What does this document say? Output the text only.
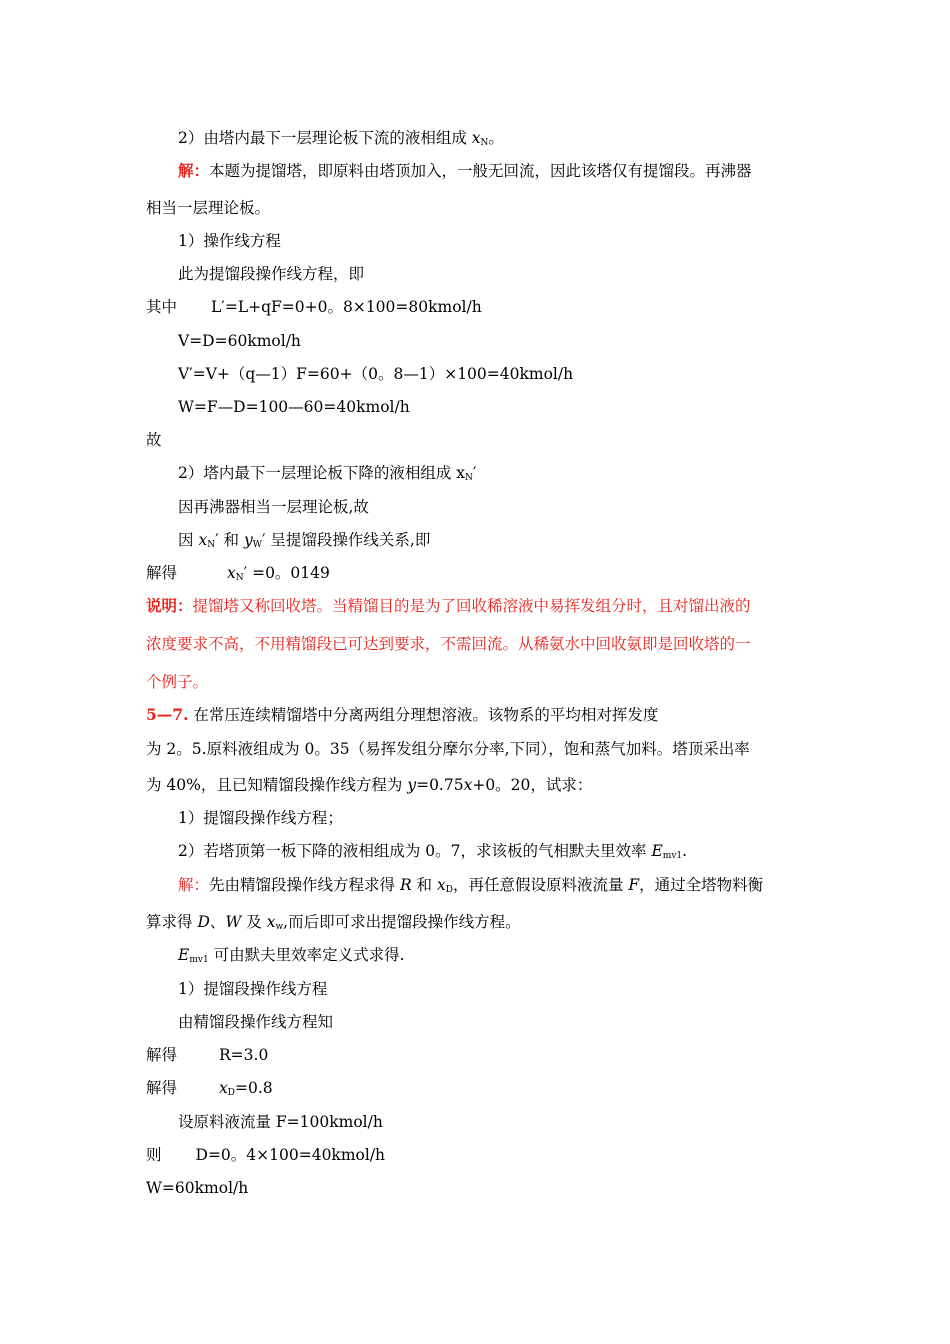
2）由塔内最下一层理论板下流的液相组成 $x_N$。
解：本题为提馏塔，即原料由塔顶加入，一般无回流，因此该塔仅有提馏段。再沸器
相当一层理论板。
1）操作线方程
此为提馏段操作线方程，即
其中 L′=L+qF=0+0。8×100=80kmol/h
V=D=60kmol/h
V′=V+（q—1）F=60+（0。8—1）×100=40kmol/h
W=F—D=100—60=40kmol/h
故
2）塔内最下一层理论板下降的液相组成 $x_N'$
因再沸器相当一层理论板,故
因 $x_N'$ 和 $y_W'$ 呈提馏段操作线关系,即
解得	$x_N' =0$。0149
说明：提馏塔又称回收塔。当精馏目的是为了回收稀溶液中易挥发组分时，且对馏出液的
浓度要求不高，不用精馏段已可达到要求，不需回流。从稀氨水中回收氨即是回收塔的一
个例子。
5—7. 在常压连续精馏塔中分离两组分理想溶液。该物系的平均相对挥发度
为 2。5.原料液组成为 0。35（易挥发组分摩尔分率,下同），饱和蒸气加料。塔顶采出率
为 40%，且已知精馏段操作线方程为 y=0.75x+0。20，试求：
1）提馏段操作线方程；
2）若塔顶第一板下降的液相组成为 0。7，求该板的气相默夫里效率 $E_{mv1}$.
解：先由精馏段操作线方程求得 R 和 $x_D$，再任意假设原料液流量 F，通过全塔物料衡
算求得 D、W 及 $x_w$,而后即可求出提馏段操作线方程。
$E_{mv1}$ 可由默夫里效率定义式求得.
1）提馏段操作线方程
由精馏段操作线方程知
解得	R=3.0
解得	$x_D=0.8$
设原料液流量 F=100kmol/h
则 D=0。4×100=40kmol/h
W=60kmol/h
